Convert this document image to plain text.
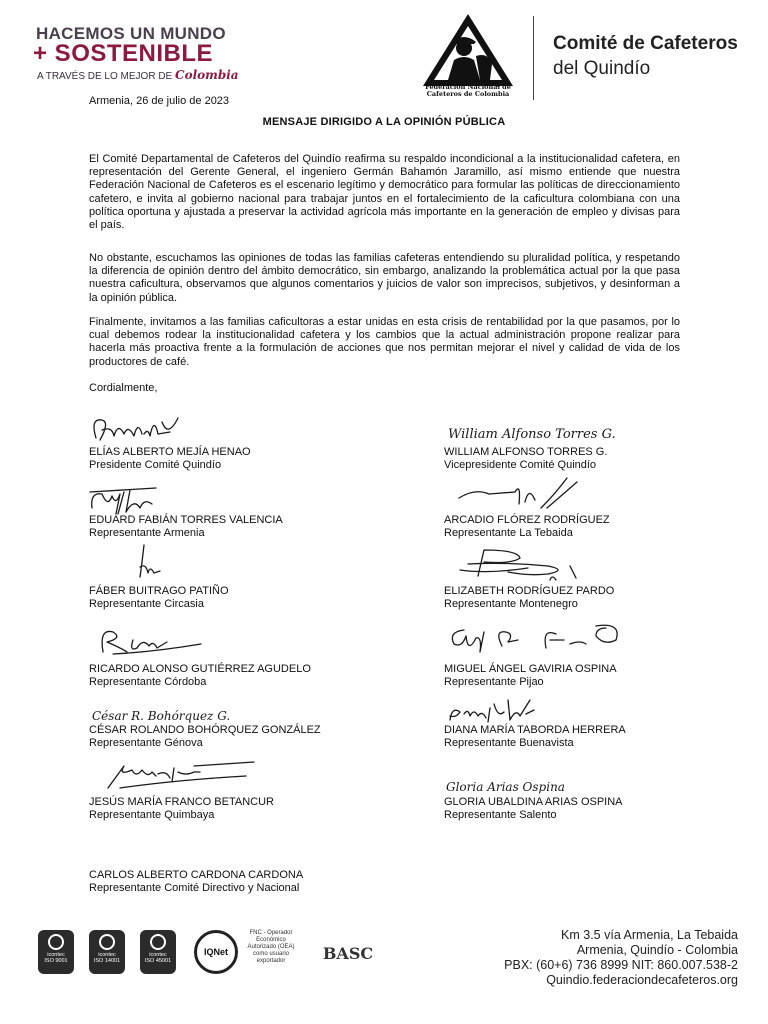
HACEMOS UN MUNDO
+ SOSTENIBLE
A TRAVÉS DE LO MEJOR DE Colombia
Federación Nacional de
Cafeteros de Colombia
Comité de Cafeteros
del Quindío
Armenia, 26 de julio de 2023
MENSAJE DIRIGIDO A LA OPINIÓN PÚBLICA
El Comité Departamental de Cafeteros del Quindío reafirma su respaldo incondicional a la institucionalidad cafetera, en representación del Gerente General, el ingeniero Germán Bahamón Jaramillo, así mismo entiende que nuestra Federación Nacional de Cafeteros es el escenario legítimo y democrático para formular las políticas de direccionamiento cafetero, e invita al gobierno nacional para trabajar juntos en el fortalecimiento de la caficultura colombiana con una política oportuna y ajustada a preservar la actividad agrícola más importante en la generación de empleo y divisas para el país.
No obstante, escuchamos las opiniones de todas las familias cafeteras entendiendo su pluralidad política, y respetando la diferencia de opinión dentro del ámbito democrático, sin embargo, analizando la problemática actual por la que pasa nuestra caficultura, observamos que algunos comentarios y juicios de valor son imprecisos, subjetivos, y desinforman a la opinión pública.
Finalmente, invitamos a las familias caficultoras a estar unidas en esta crisis de rentabilidad por la que pasamos, por lo cual debemos rodear la institucionalidad cafetera y los cambios que la actual administración propone realizar para hacerla más proactiva frente a la formulación de acciones que nos permitan mejorar el nivel y calidad de vida de los productores de café.
Cordialmente,
William Alfonso Torres G.
César R. Bohórquez G.
Gloria Arias Ospina
ELÍAS ALBERTO MEJÍA HENAO
Presidente Comité Quindío
WILLIAM ALFONSO TORRES G.
Vicepresidente Comité Quindío
EDUARD FABIÁN TORRES VALENCIA
Representante Armenia
ARCADIO FLÓREZ RODRÍGUEZ
Representante La Tebaida
FÁBER BUITRAGO PATIÑO
Representante Circasia
ELIZABETH RODRÍGUEZ PARDO
Representante Montenegro
RICARDO ALONSO GUTIÉRREZ AGUDELO
Representante Córdoba
MIGUEL ÁNGEL GAVIRIA OSPINA
Representante Pijao
CÉSAR ROLANDO BOHÓRQUEZ GONZÁLEZ
Representante Génova
DIANA MARÍA TABORDA HERRERA
Representante Buenavista
JESÚS MARÍA FRANCO BETANCUR
Representante Quimbaya
GLORIA UBALDINA ARIAS OSPINA
Representante Salento
CARLOS ALBERTO CARDONA CARDONA
Representante Comité Directivo y Nacional
icontec
ISO 9001
icontec
ISO 14001
icontec
ISO 45001
IQNet
FNC - Operador Económico Autorizado (OEA) como usuario exportador	BASC
Km 3.5 vía Armenia, La Tebaida
Armenia, Quindío - Colombia
PBX: (60+6) 736 8999 NIT: 860.007.538-2
Quindio.federaciondecafeteros.org
